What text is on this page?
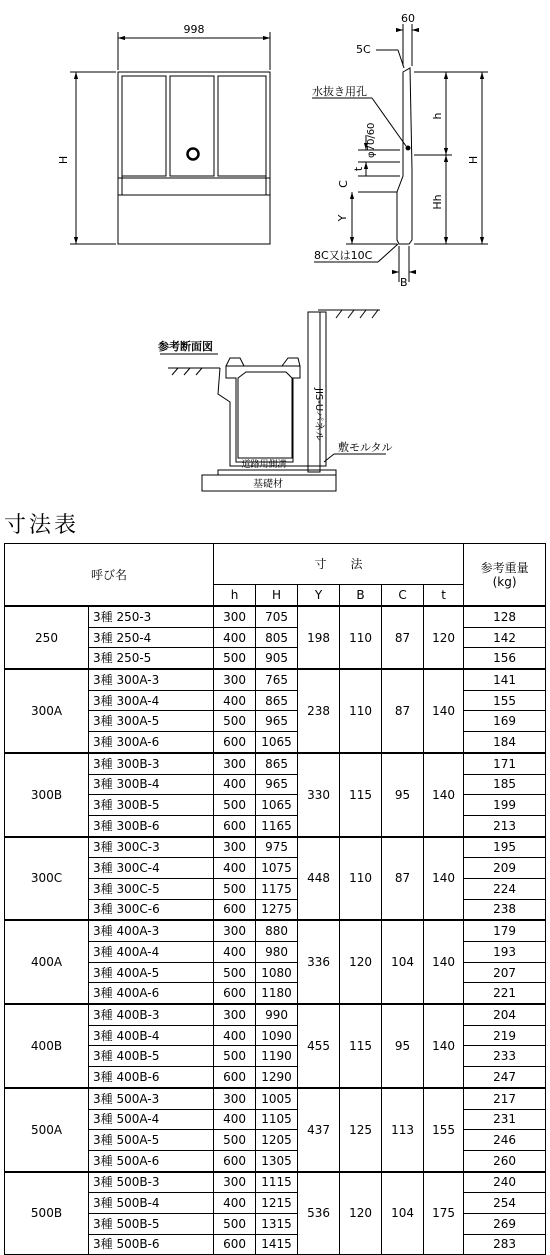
998
H
60
5C
水抜き用孔
φ70/60
h
H
Hh
C
t
Y
8C又は10C
B
参考断面図
JIS-Uパネル
敷モルタル
道路用側溝
基礎材
寸法表
呼び名		寸　　法						参考重量
(kg)
		h	H	Y	B	C	t	
250	3種 250-3	300	705	198	110	87	120	128
	3種 250-4	400	805					142
	3種 250-5	500	905					156
300A	3種 300A-3	300	765	238	110	87	140	141
	3種 300A-4	400	865					155
	3種 300A-5	500	965					169
	3種 300A-6	600	1065					184
300B	3種 300B-3	300	865	330	115	95	140	171
	3種 300B-4	400	965					185
	3種 300B-5	500	1065					199
	3種 300B-6	600	1165					213
300C	3種 300C-3	300	975	448	110	87	140	195
	3種 300C-4	400	1075					209
	3種 300C-5	500	1175					224
	3種 300C-6	600	1275					238
400A	3種 400A-3	300	880	336	120	104	140	179
	3種 400A-4	400	980					193
	3種 400A-5	500	1080					207
	3種 400A-6	600	1180					221
400B	3種 400B-3	300	990	455	115	95	140	204
	3種 400B-4	400	1090					219
	3種 400B-5	500	1190					233
	3種 400B-6	600	1290					247
500A	3種 500A-3	300	1005	437	125	113	155	217
	3種 500A-4	400	1105					231
	3種 500A-5	500	1205					246
	3種 500A-6	600	1305					260
500B	3種 500B-3	300	1115	536	120	104	175	240
	3種 500B-4	400	1215					254
	3種 500B-5	500	1315					269
	3種 500B-6	600	1415					283
